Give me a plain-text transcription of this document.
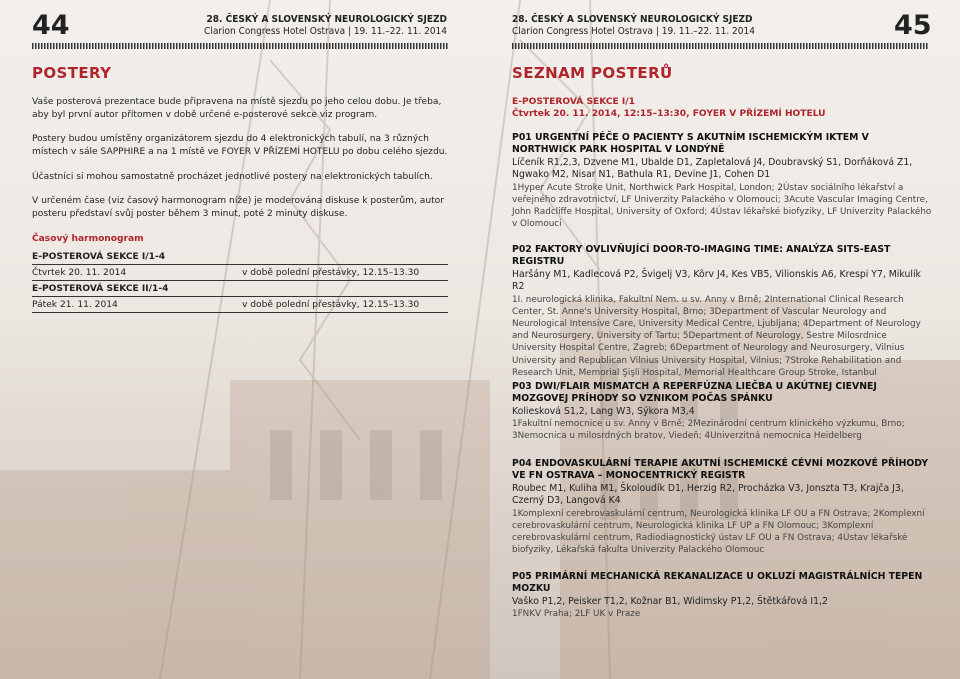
44	28. ČESKÝ A SLOVENSKÝ NEUROLOGICKÝ SJEZD
Clarion Congress Hotel Ostrava | 19. 11.–22. 11. 2014
POSTERY

Vaše posterová prezentace bude připravena na místě sjezdu po jeho celou dobu. Je třeba, aby byl první autor přítomen v době určené e-posterové sekce viz program.

Postery budou umístěny organizátorem sjezdu do 4 elektronických tabulí, na 3 různých místech v sále SAPPHIRE a na 1 místě ve FOYER V PŘÍZEMÍ HOTELU po dobu celého sjezdu.

Účastníci si mohou samostatně procházet jednotlivé postery na elektronických tabulích.

V určeném čase (viz časový harmonogram níže) je moderována diskuse k posterům, autor posteru představí svůj poster během 3 minut, poté 2 minuty diskuse.

Časový harmonogram

E-POSTEROVÁ SEKCE I/1-4
Čtvrtek 20. 11. 2014	v době polední přestávky, 12.15–13.30
E-POSTEROVÁ SEKCE II/1-4
Pátek 21. 11. 2014	v době polední přestávky, 12.15–13.30
28. ČESKÝ A SLOVENSKÝ NEUROLOGICKÝ SJEZD
Clarion Congress Hotel Ostrava | 19. 11.–22. 11. 2014	45
SEZNAM POSTERŮ
E-POSTEROVÁ SEKCE I/1
Čtvrtek 20. 11. 2014, 12:15–13:30, FOYER V PŘÍZEMÍ HOTELU
P01 URGENTNÍ PÉČE O PACIENTY S AKUTNÍM ISCHEMICKÝM IKTEM V NORTHWICK PARK HOSPITAL V LONDÝNĚ
Líčeník R1,2,3, Dzvene M1, Ubalde D1, Zapletalová J4, Doubravský S1, Dorňáková Z1, Ngwako M2, Nisar N1, Bathula R1, Devine J1, Cohen D1
1Hyper Acute Stroke Unit, Northwick Park Hospital, London; 2Ústav sociálního lékařství a veřejného zdravotnictví, LF Univerzity Palackého v Olomouci; 3Acute Vascular Imaging Centre, John Radcliffe Hospital, University of Oxford; 4Ústav lékařské biofyziky, LF Univerzity Palackého v Olomouci
P02 FAKTORY OVLIVŇUJÍCÍ DOOR-TO-IMAGING TIME: ANALÝZA SITS-EAST REGISTRU
Haršány M1, Kadlecová P2, Švigelj V3, Kõrv J4, Kes VB5, Vilionskis A6, Krespi Y7, Mikulík R2
1I. neurologická klinika, Fakultní Nem. u sv. Anny v Brně; 2International Clinical Research Center, St. Anne's University Hospital, Brno; 3Department of Vascular Neurology and Neurological Intensive Care, University Medical Centre, Ljubljana; 4Department of Neurology and Neurosurgery, University of Tartu; 5Department of Neurology, Sestre Milosrdnice University Hospital Centre, Zagreb; 6Department of Neurology and Neurosurgery, Vilnius University and Republican Vilnius University Hospital, Vilnius; 7Stroke Rehabilitation and Research Unit, Memorial Şişli Hospital, Memorial Healthcare Group Stroke, Istanbul
P03 DWI/FLAIR MISMATCH A REPERFÚZNA LIEČBA U AKÚTNEJ CIEVNEJ MOZGOVEJ PRÍHODY SO VZNIKOM POČAS SPÁNKU
Koliesková S1,2, Lang W3, Sýkora M3,4
1Fakultní nemocnice u sv. Anny v Brně; 2Mezinárodní centrum klinického výzkumu, Brno; 3Nemocnica u milosrdných bratov, Viedeň; 4Univerzitná nemocnica Heidelberg
P04 ENDOVASKULÁRNÍ TERAPIE AKUTNÍ ISCHEMICKÉ CÉVNÍ MOZKOVÉ PŘÍHODY VE FN OSTRAVA – MONOCENTRICKÝ REGISTR
Roubec M1, Kuliha M1, Školoudík D1, Herzig R2, Procházka V3, Jonszta T3, Krajča J3, Czerný D3, Langová K4
1Komplexní cerebrovaskulární centrum, Neurologická klinika LF OU a FN Ostrava; 2Komplexní cerebrovaskulární centrum, Neurologická klinika LF UP a FN Olomouc; 3Komplexní cerebrovaskulární centrum, Radiodiagnostický ústav LF OU a FN Ostrava; 4Ústav lékařské biofyziky, Lékařská fakulta Univerzity Palackého Olomouc
P05 PRIMÁRNÍ MECHANICKÁ REKANALIZACE U OKLUZÍ MAGISTRÁLNÍCH TEPEN MOZKU
Vaško P1,2, Peisker T1,2, Kožnar B1, Widimsky P1,2, Štětkářová I1,2
1FNKV Praha; 2LF UK v Praze
